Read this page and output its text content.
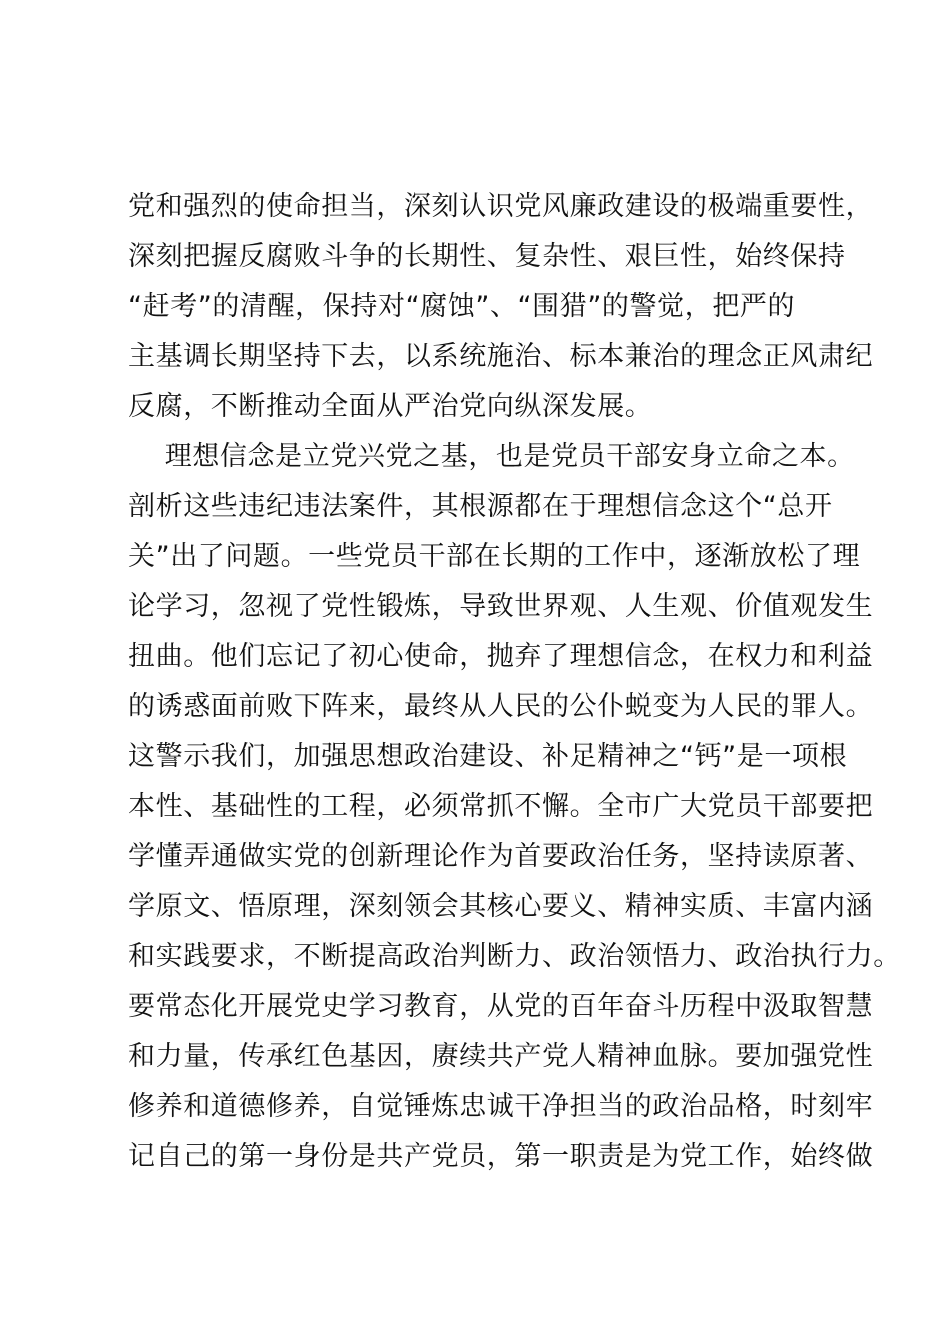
党和强烈的使命担当，深刻认识党风廉政建设的极端重要性，
深刻把握反腐败斗争的长期性、复杂性、艰巨性，始终保持
“赶考”的清醒，保持对“腐蚀”、“围猎”的警觉，把严的
主基调长期坚持下去，以系统施治、标本兼治的理念正风肃纪
反腐，不断推动全面从严治党向纵深发展。
理想信念是立党兴党之基，也是党员干部安身立命之本。
剖析这些违纪违法案件，其根源都在于理想信念这个“总开
关”出了问题。一些党员干部在长期的工作中，逐渐放松了理
论学习，忽视了党性锻炼，导致世界观、人生观、价值观发生
扭曲。他们忘记了初心使命，抛弃了理想信念，在权力和利益
的诱惑面前败下阵来，最终从人民的公仆蜕变为人民的罪人。
这警示我们，加强思想政治建设、补足精神之“钙”是一项根
本性、基础性的工程，必须常抓不懈。全市广大党员干部要把
学懂弄通做实党的创新理论作为首要政治任务，坚持读原著、
学原文、悟原理，深刻领会其核心要义、精神实质、丰富内涵
和实践要求，不断提高政治判断力、政治领悟力、政治执行力。
要常态化开展党史学习教育，从党的百年奋斗历程中汲取智慧
和力量，传承红色基因，赓续共产党人精神血脉。要加强党性
修养和道德修养，自觉锤炼忠诚干净担当的政治品格，时刻牢
记自己的第一身份是共产党员，第一职责是为党工作，始终做
